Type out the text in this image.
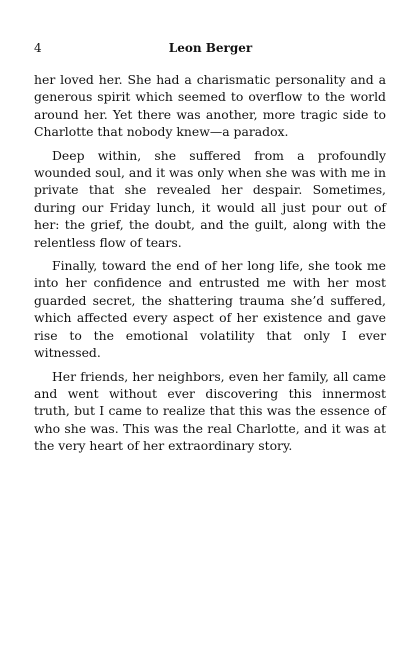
4	Leon Berger

her loved her. She had a charismatic personality and a generous spirit which seemed to overflow to the world around her. Yet there was another, more tragic side to Charlotte that nobody knew—a paradox.

Deep within, she suffered from a profoundly wounded soul, and it was only when she was with me in private that she revealed her despair. Sometimes, during our Friday lunch, it would all just pour out of her: the grief, the doubt, and the guilt, along with the relentless flow of tears.

Finally, toward the end of her long life, she took me into her confidence and entrusted me with her most guarded secret, the shattering trauma she’d suffered, which affected every aspect of her existence and gave rise to the emotional volatility that only I ever witnessed.

Her friends, her neighbors, even her family, all came and went without ever discovering this innermost truth, but I came to realize that this was the essence of who she was. This was the real Charlotte, and it was at the very heart of her extraordinary story.
